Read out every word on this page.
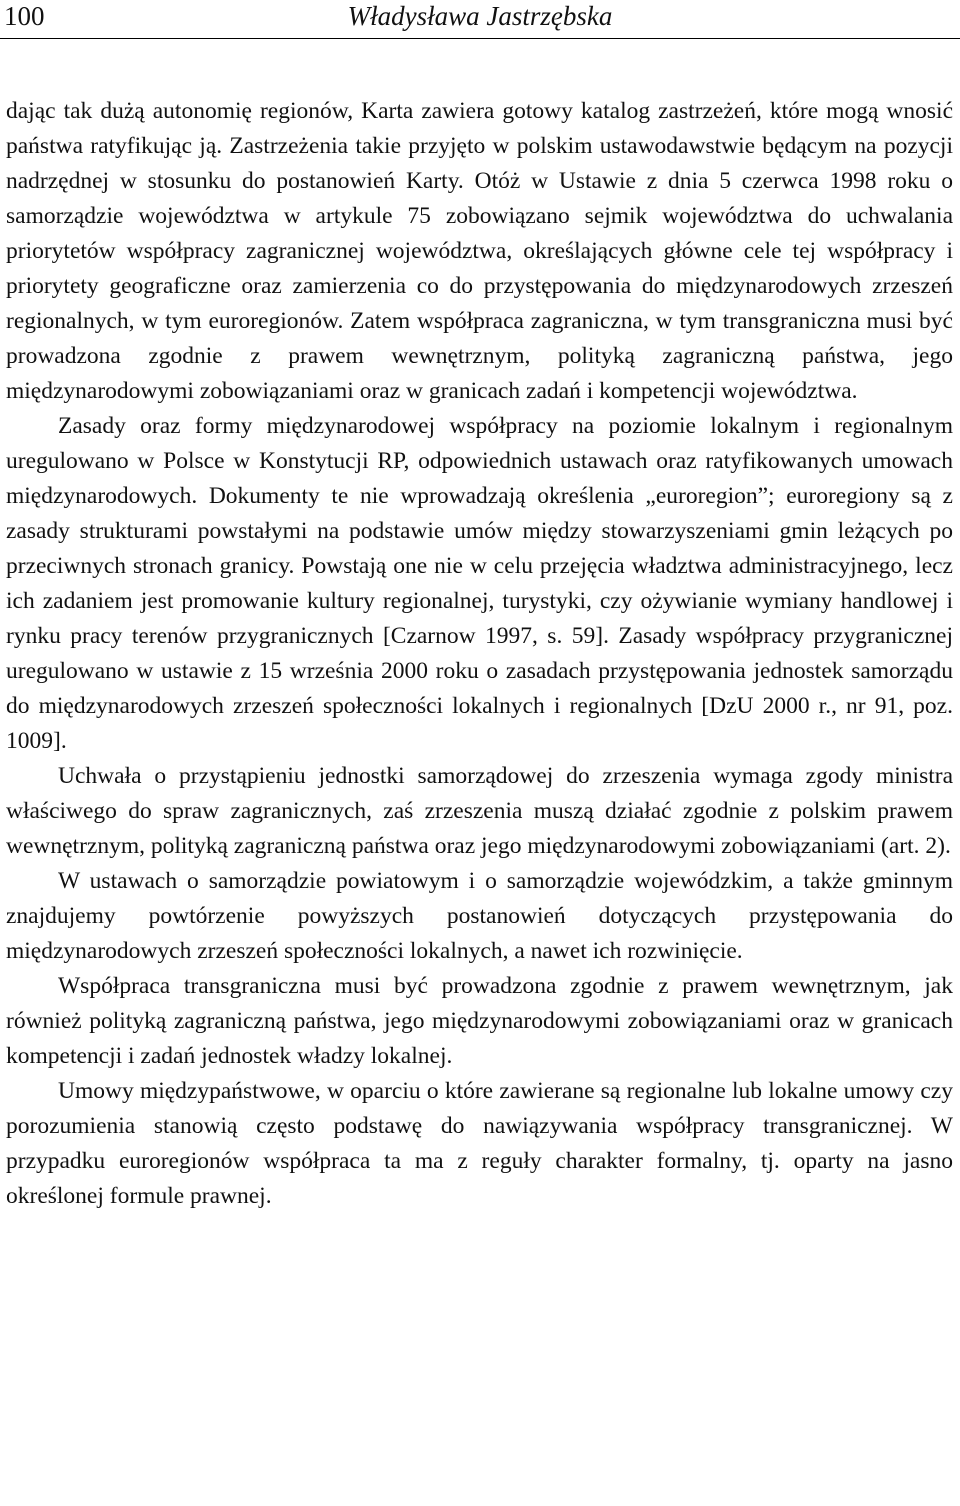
100	Władysława Jastrzębska

dając tak dużą autonomię regionów, Karta zawiera gotowy katalog zastrzeżeń, które mogą wnosić państwa ratyfikując ją. Zastrzeżenia takie przyjęto w polskim ustawodawstwie będącym na pozycji nadrzędnej w stosunku do postanowień Karty. Otóż w Ustawie z dnia 5 czerwca 1998 roku o samorządzie województwa w artykule 75 zobowiązano sejmik województwa do uchwalania priorytetów współpracy zagranicznej województwa, określających główne cele tej współpracy i priorytety geograficzne oraz zamierzenia co do przystępowania do międzynarodowych zrzeszeń regionalnych, w tym euroregionów. Zatem współpraca zagraniczna, w tym transgraniczna musi być prowadzona zgodnie z prawem wewnętrznym, polityką zagraniczną państwa, jego międzynarodowymi zobowiązaniami oraz w granicach zadań i kompetencji województwa.

Zasady oraz formy międzynarodowej współpracy na poziomie lokalnym i regionalnym uregulowano w Polsce w Konstytucji RP, odpowiednich ustawach oraz ratyfikowanych umowach międzynarodowych. Dokumenty te nie wprowadzają określenia „euroregion”; euroregiony są z zasady strukturami powstałymi na podstawie umów między stowarzyszeniami gmin leżących po przeciwnych stronach granicy. Powstają one nie w celu przejęcia władztwa administracyjnego, lecz ich zadaniem jest promowanie kultury regionalnej, turystyki, czy ożywianie wymiany handlowej i rynku pracy terenów przygranicznych [Czarnow 1997, s. 59]. Zasady współpracy przygranicznej uregulowano w ustawie z 15 września 2000 roku o zasadach przystępowania jednostek samorządu do międzynarodowych zrzeszeń społeczności lokalnych i regionalnych [DzU 2000 r., nr 91, poz. 1009].

Uchwała o przystąpieniu jednostki samorządowej do zrzeszenia wymaga zgody ministra właściwego do spraw zagranicznych, zaś zrzeszenia muszą działać zgodnie z polskim prawem wewnętrznym, polityką zagraniczną państwa oraz jego międzynarodowymi zobowiązaniami (art. 2).

W ustawach o samorządzie powiatowym i o samorządzie wojewódzkim, a także gminnym znajdujemy powtórzenie powyższych postanowień dotyczących przystępowania do międzynarodowych zrzeszeń społeczności lokalnych, a nawet ich rozwinięcie.

Współpraca transgraniczna musi być prowadzona zgodnie z prawem wewnętrznym, jak również polityką zagraniczną państwa, jego międzynarodowymi zobowiązaniami oraz w granicach kompetencji i zadań jednostek władzy lokalnej.

Umowy międzypaństwowe, w oparciu o które zawierane są regionalne lub lokalne umowy czy porozumienia stanowią często podstawę do nawiązywania współpracy transgranicznej. W przypadku euroregionów współpraca ta ma z reguły charakter formalny, tj. oparty na jasno określonej formule prawnej.
